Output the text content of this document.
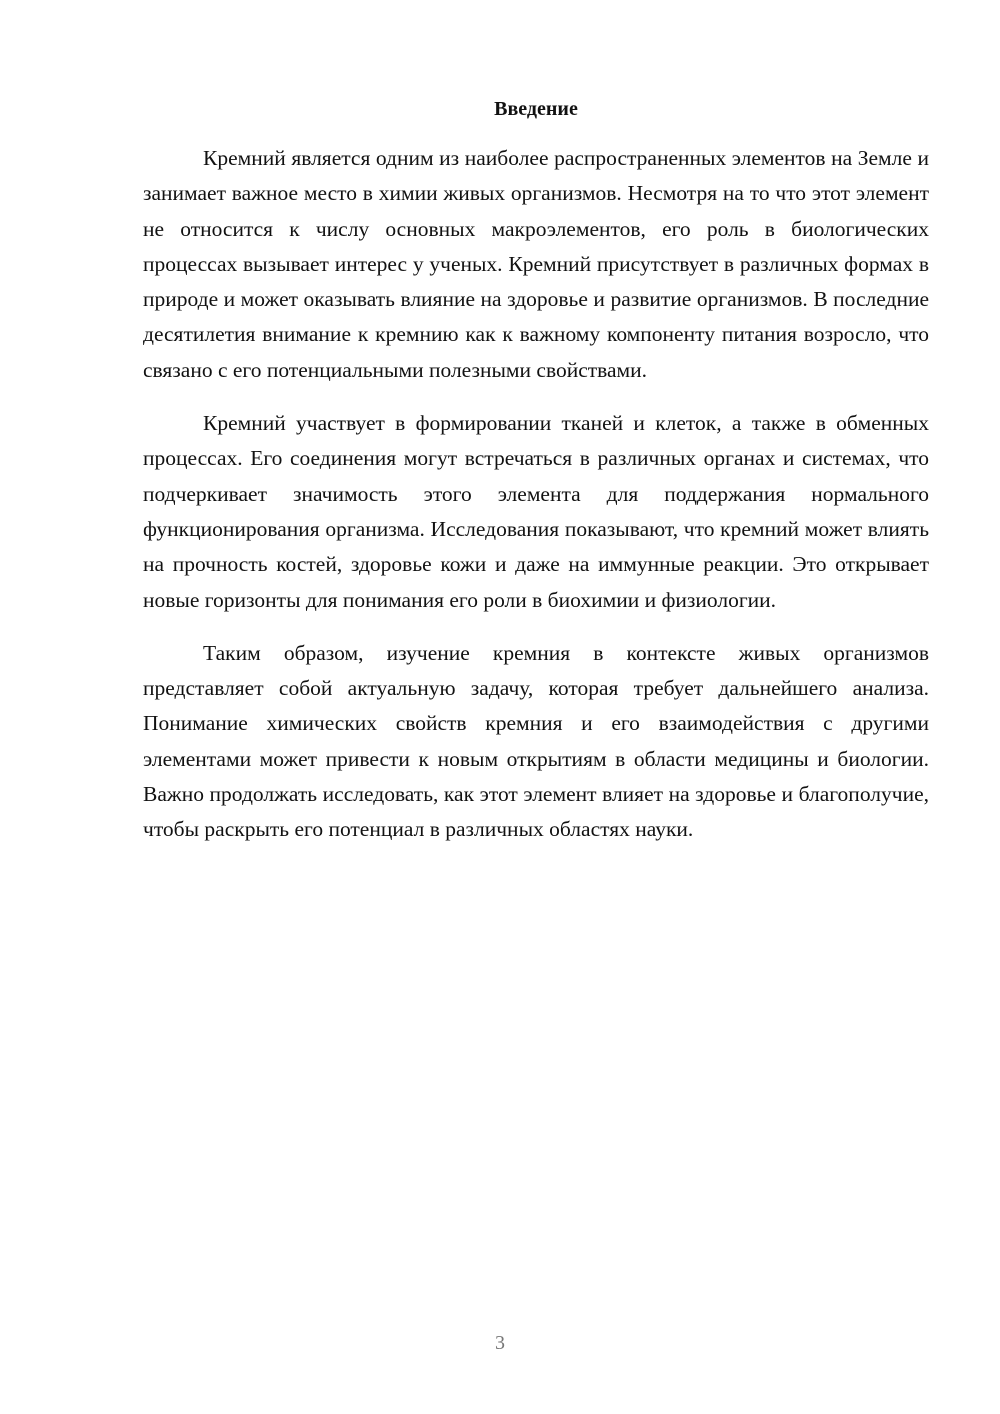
Введение

Кремний является одним из наиболее распространенных элементов на Земле и занимает важное место в химии живых организмов. Несмотря на то что этот элемент не относится к числу основных макроэлементов, его роль в биологических процессах вызывает интерес у ученых. Кремний присутствует в различных формах в природе и может оказывать влияние на здоровье и развитие организмов. В последние десятилетия внимание к кремнию как к важному компоненту питания возросло, что связано с его потенциальными полезными свойствами.

Кремний участвует в формировании тканей и клеток, а также в обменных процессах. Его соединения могут встречаться в различных органах и системах, что подчеркивает значимость этого элемента для поддержания нормального функционирования организма. Исследования показывают, что кремний может влиять на прочность костей, здоровье кожи и даже на иммунные реакции. Это открывает новые горизонты для понимания его роли в биохимии и физиологии.

Таким образом, изучение кремния в контексте живых организмов представляет собой актуальную задачу, которая требует дальнейшего анализа. Понимание химических свойств кремния и его взаимодействия с другими элементами может привести к новым открытиям в области медицины и биологии. Важно продолжать исследовать, как этот элемент влияет на здоровье и благополучие, чтобы раскрыть его потенциал в различных областях науки.

3
